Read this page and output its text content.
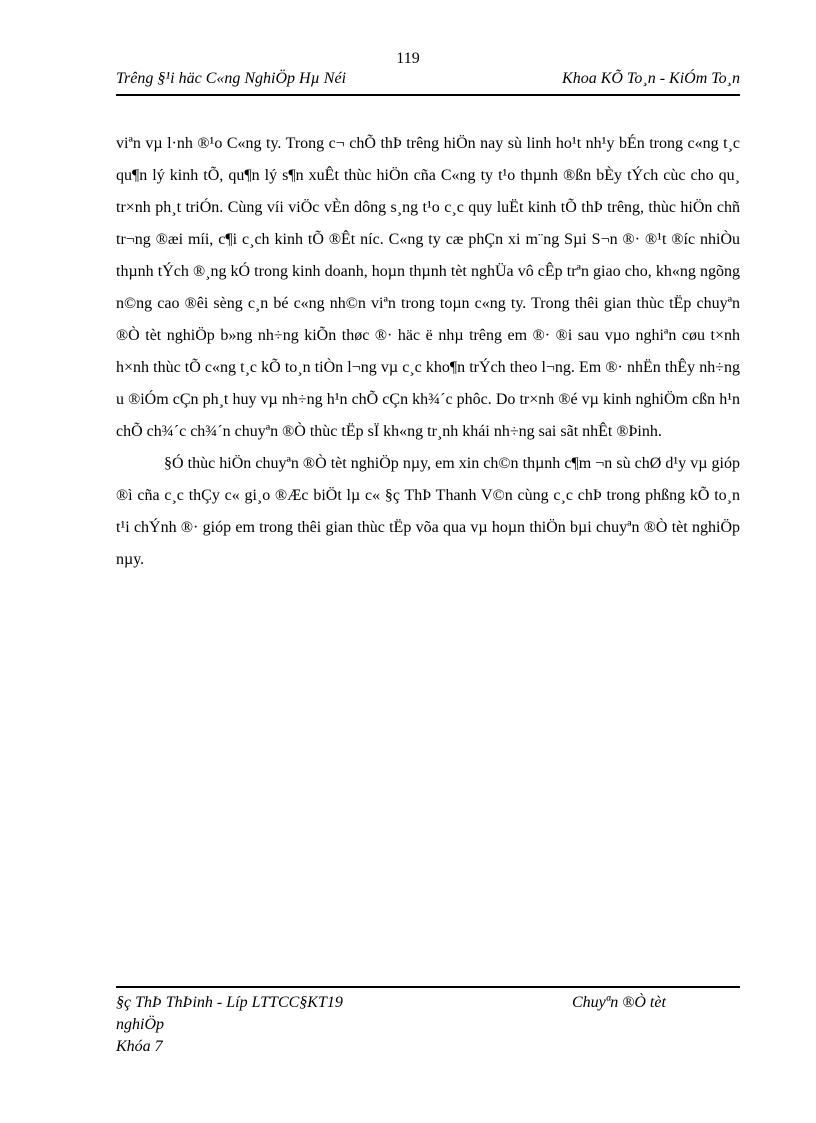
119
Trêng §¹i häc C«ng NghiÖp Hµ Néi	Khoa KÕ To¸n - KiÓm To¸n

viªn vµ l·nh ®¹o C«ng ty. Trong c¬ chÕ thÞ trêng hiÖn nay sù linh ho¹t nh¹y bÉn trong c«ng t¸c qu¶n lý kinh tÕ, qu¶n lý s¶n xuÊt thùc hiÖn cña C«ng ty t¹o thµnh ®ßn bÈy tÝch cùc cho qu¸ tr×nh ph¸t triÓn. Cùng víi viÖc vÈn dông s¸ng t¹o c¸c quy luËt kinh tÕ thÞ trêng, thùc hiÖn chñ tr¬ng ®æi míi, c¶i c¸ch kinh tÕ ®Êt níc. C«ng ty cæ phÇn xi m¨ng Sµi S¬n ®· ®¹t ®íc nhiÒu thµnh tÝch ®¸ng kÓ trong kinh doanh, hoµn thµnh tèt nghÜa vô cÊp trªn giao cho, kh«ng ngõng n©ng cao ®êi sèng c¸n bé c«ng nh©n viªn trong toµn c«ng ty. Trong thêi gian thùc tËp chuyªn ®Ò tèt nghiÖp b»ng nh÷ng kiÕn thøc ®· häc ë nhµ trêng em ®· ®i sau vµo nghiªn cøu t×nh h×nh thùc tÕ c«ng t¸c kÕ to¸n tiÒn l¬ng vµ c¸c kho¶n trÝch theo l¬ng. Em ®· nhËn thÊy nh÷ng u ®iÓm cÇn ph¸t huy vµ nh÷ng h¹n chÕ cÇn kh¾´c phôc. Do tr×nh ®é vµ kinh nghiÖm cßn h¹n chÕ ch¾´c ch¾´n chuyªn ®Ò thùc tËp sÏ kh«ng tr¸nh khái nh÷ng sai sãt nhÊt ®Þinh.

§Ó thùc hiÖn chuyªn ®Ò tèt nghiÖp nµy, em xin ch©n thµnh c¶m ¬n sù chØ d¹y vµ gióp ®ì cña c¸c thÇy c« gi¸o ®Æc biÖt lµ c« §ç ThÞ Thanh V©n cùng c¸c chÞ trong phßng kÕ to¸n t¹i chÝnh ®· gióp em trong thêi gian thùc tËp võa qua vµ hoµn thiÖn bµi chuyªn ®Ò tèt nghiÖp nµy.

§ç ThÞ ThÞinh - Líp LTTCC§KT19	Chuyªn ®Ò tèt
nghiÖp
Khóa 7
